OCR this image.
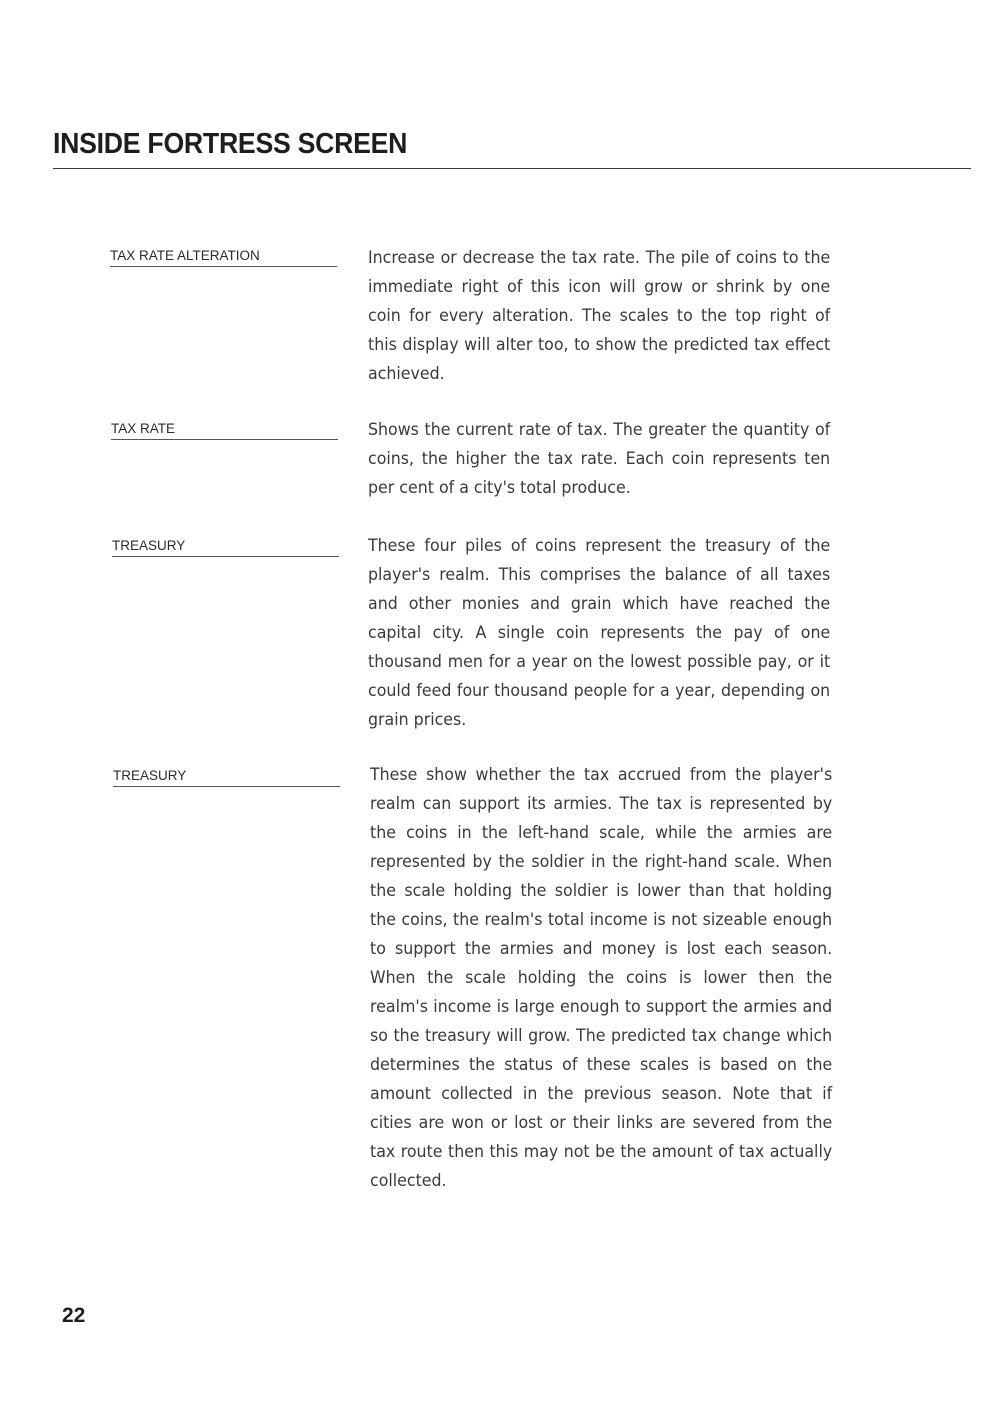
INSIDE FORTRESS SCREEN
TAX RATE ALTERATION	Increase or decrease the tax rate. The pile of coins to the immediate right of this icon will grow or shrink by one coin for every alteration. The scales to the top right of this display will alter too, to show the predicted tax effect achieved.

TAX RATE	Shows the current rate of tax. The greater the quantity of coins, the higher the tax rate. Each coin represents ten per cent of a city's total produce.

TREASURY	These four piles of coins represent the treasury of the player's realm. This comprises the balance of all taxes and other monies and grain which have reached the capital city. A single coin represents the pay of one thousand men for a year on the lowest possible pay, or it could feed four thousand people for a year, depending on grain prices.

TREASURY	These show whether the tax accrued from the player's realm can support its armies. The tax is represented by the coins in the left-hand scale, while the armies are represented by the soldier in the right-hand scale. When the scale holding the soldier is lower than that holding the coins, the realm's total income is not sizeable enough to support the armies and money is lost each season. When the scale holding the coins is lower then the realm's income is large enough to support the armies and so the treasury will grow. The predicted tax change which determines the status of these scales is based on the amount collected in the previous season. Note that if cities are won or lost or their links are severed from the tax route then this may not be the amount of tax actually collected.

22
